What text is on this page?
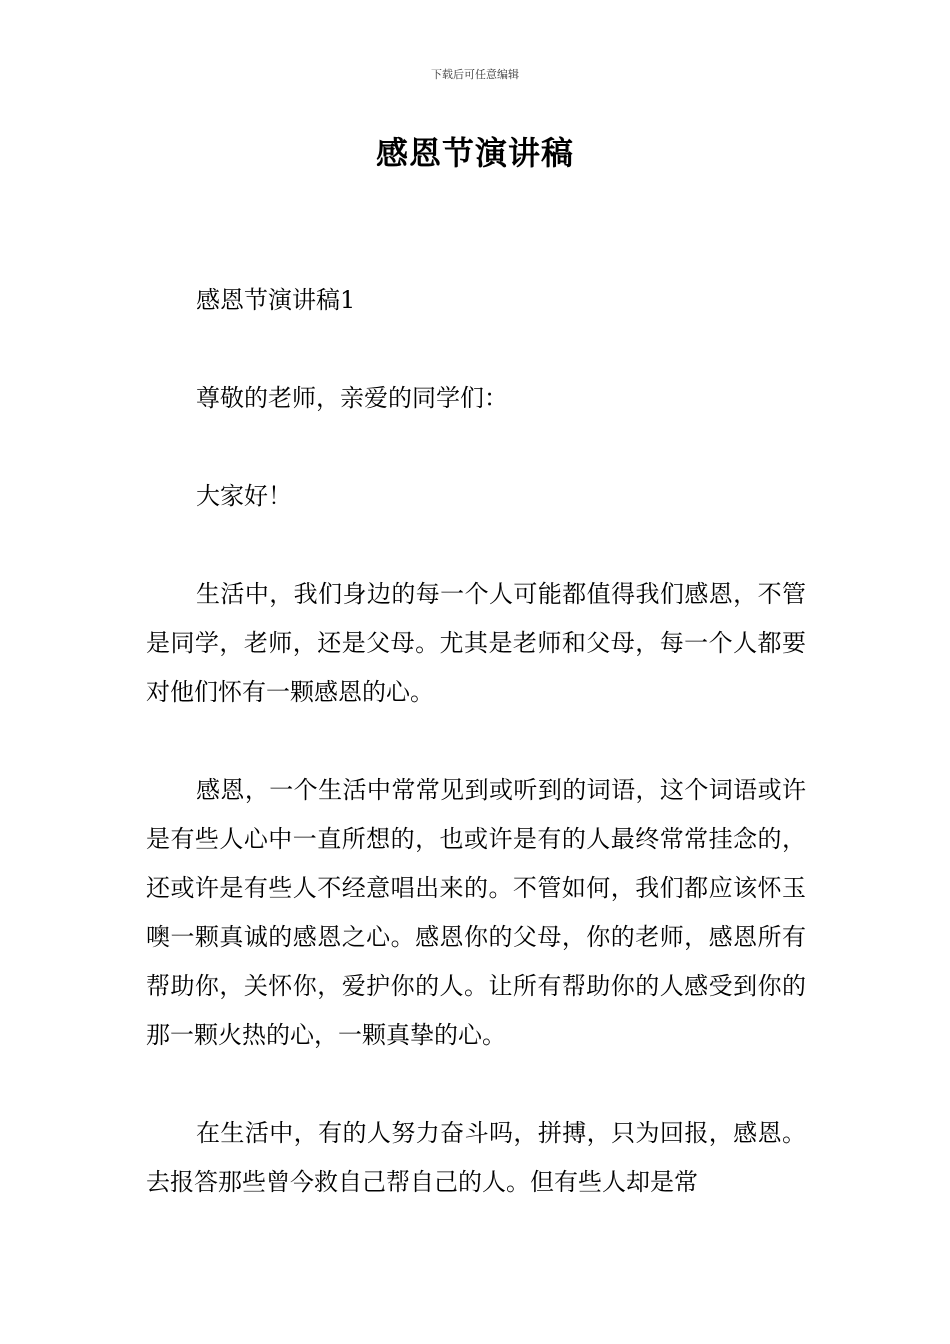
下载后可任意编辑
感恩节演讲稿

感恩节演讲稿1

尊敬的老师，亲爱的同学们：

大家好！

生活中，我们身边的每一个人可能都值得我们感恩，不管是同学，老师，还是父母。尤其是老师和父母，每一个人都要对他们怀有一颗感恩的心。

感恩，一个生活中常常见到或听到的词语，这个词语或许是有些人心中一直所想的，也或许是有的人最终常常挂念的，还或许是有些人不经意唱出来的。不管如何，我们都应该怀玉噢一颗真诚的感恩之心。感恩你的父母，你的老师，感恩所有帮助你，关怀你，爱护你的人。让所有帮助你的人感受到你的那一颗火热的心，一颗真挚的心。

在生活中，有的人努力奋斗吗，拼搏，只为回报，感恩。去报答那些曾今救自己帮自己的人。但有些人却是常
